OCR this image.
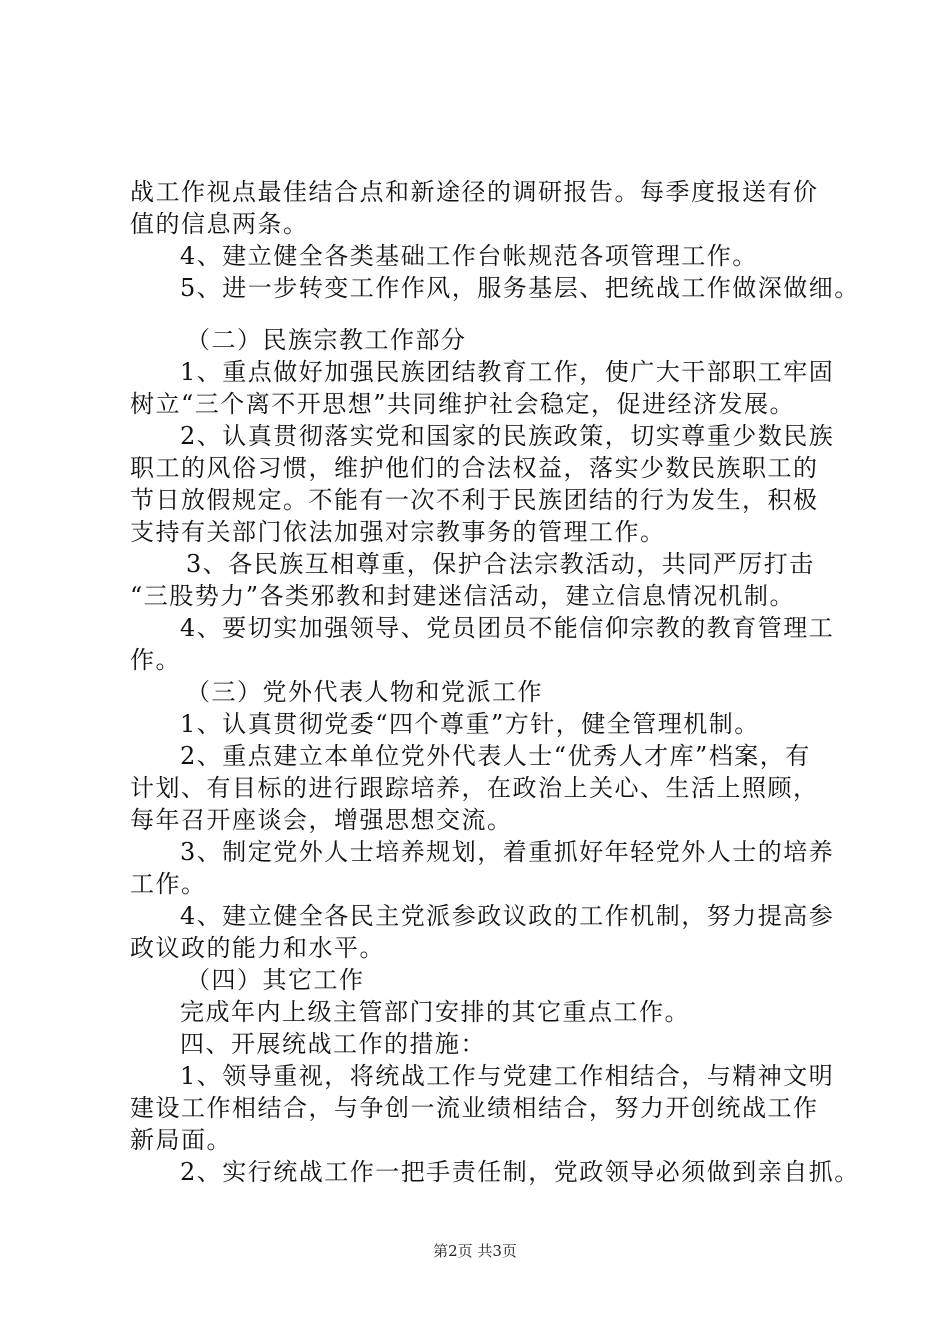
战工作视点最佳结合点和新途径的调研报告。每季度报送有价
值的信息两条。
4、建立健全各类基础工作台帐规范各项管理工作。
5、进一步转变工作作风，服务基层、把统战工作做深做细。
（二）民族宗教工作部分
1、重点做好加强民族团结教育工作，使广大干部职工牢固
树立“三个离不开思想”共同维护社会稳定，促进经济发展。
2、认真贯彻落实党和国家的民族政策，切实尊重少数民族
职工的风俗习惯，维护他们的合法权益，落实少数民族职工的
节日放假规定。不能有一次不利于民族团结的行为发生，积极
支持有关部门依法加强对宗教事务的管理工作。
3、各民族互相尊重，保护合法宗教活动，共同严厉打击
“三股势力”各类邪教和封建迷信活动，建立信息情况机制。
4、要切实加强领导、党员团员不能信仰宗教的教育管理工
作。
（三）党外代表人物和党派工作
1、认真贯彻党委“四个尊重”方针，健全管理机制。
2、重点建立本单位党外代表人士“优秀人才库”档案，有
计划、有目标的进行跟踪培养，在政治上关心、生活上照顾，
每年召开座谈会，增强思想交流。
3、制定党外人士培养规划，着重抓好年轻党外人士的培养
工作。
4、建立健全各民主党派参政议政的工作机制，努力提高参
政议政的能力和水平。
（四）其它工作
完成年内上级主管部门安排的其它重点工作。
四、开展统战工作的措施：
1、领导重视，将统战工作与党建工作相结合，与精神文明
建设工作相结合，与争创一流业绩相结合，努力开创统战工作
新局面。
2、实行统战工作一把手责任制，党政领导必须做到亲自抓。
第2页 共3页
